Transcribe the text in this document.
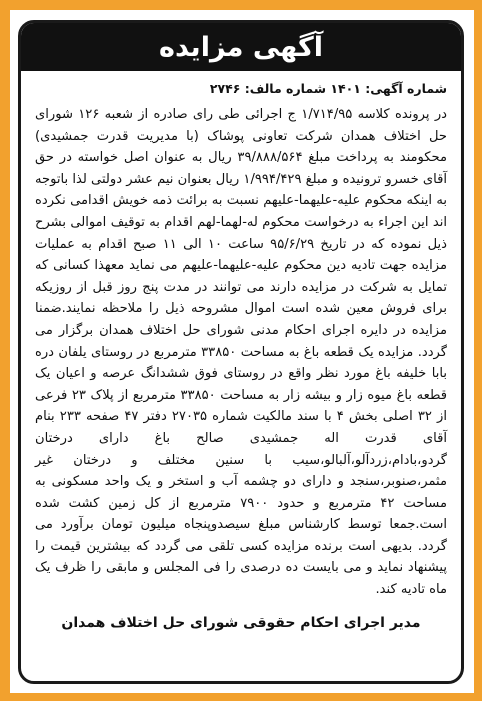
آگهی مزایده
شماره آگهی: ۱۴۰۱ شماره مالف: ۲۷۴۶
در پرونده کلاسه ۱/۷۱۴/۹۵ ج اجرائی طی رای صادره از شعبه ۱۲۶ شورای حل اختلاف همدان شرکت تعاونی پوشاک (با مدیریت قدرت جمشیدی) محکومند به پرداخت مبلغ ۳۹/۸۸۸/۵۶۴ ریال به عنوان اصل خواسته در حق آقای خسرو ترونیده و مبلغ ۱/۹۹۴/۴۲۹ ریال بعنوان نیم عشر دولتی لذا باتوجه به اینکه محکوم علیه-علیهما-علیهم نسبت به برائت ذمه خویش اقدامی نکرده اند این اجراء به درخواست محکوم له-لهما-لهم اقدام به توقیف اموالی بشرح ذیل نموده که در تاریخ ۹۵/۶/۲۹ ساعت ۱۰ الی ۱۱ صبح اقدام به عملیات مزایده جهت تادیه دین محکوم علیه-علیهما-علیهم می نماید معهذا کسانی که تمایل به شرکت در مزایده دارند می توانند در مدت پنج روز قبل از روزیکه برای فروش معین شده است اموال مشروحه ذیل را ملاحظه نمایند.ضمنا مزایده در دایره اجرای احکام مدنی شورای حل اختلاف همدان برگزار می گردد. مزایده یک قطعه باغ به مساحت ۳۳۸۵۰ مترمربع در روستای یلفان دره بابا خلیفه باغ مورد نظر واقع در روستای فوق ششدانگ عرصه و اعیان یک قطعه باغ میوه زار و بیشه زار به مساحت ۳۳۸۵۰ مترمربع از پلاک ۲۳ فرعی از ۳۲ اصلی بخش ۴ با سند مالکیت شماره ۲۷۰۳۵ دفتر ۴۷ صفحه ۲۳۳ بنام آقای قدرت اله جمشیدی صالح باغ دارای درختان گردو،بادام،زردآلو،آلبالو،سیب با سنین مختلف و درختان غیر مثمر،صنوبر،سنجد و دارای دو چشمه آب و استخر و یک واحد مسکونی به مساحت ۴۲ مترمربع و حدود ۷۹۰۰ مترمربع از کل زمین کشت شده است.جمعا توسط کارشناس مبلغ سیصدوپنجاه میلیون تومان برآورد می گردد. بدیهی است برنده مزایده کسی تلقی می گردد که بیشترین قیمت را پیشنهاد نماید و می بایست ده درصدی را فی المجلس و مابقی را ظرف یک ماه تادیه کند.
مدیر اجرای احکام حقوقی شورای حل اختلاف همدان
